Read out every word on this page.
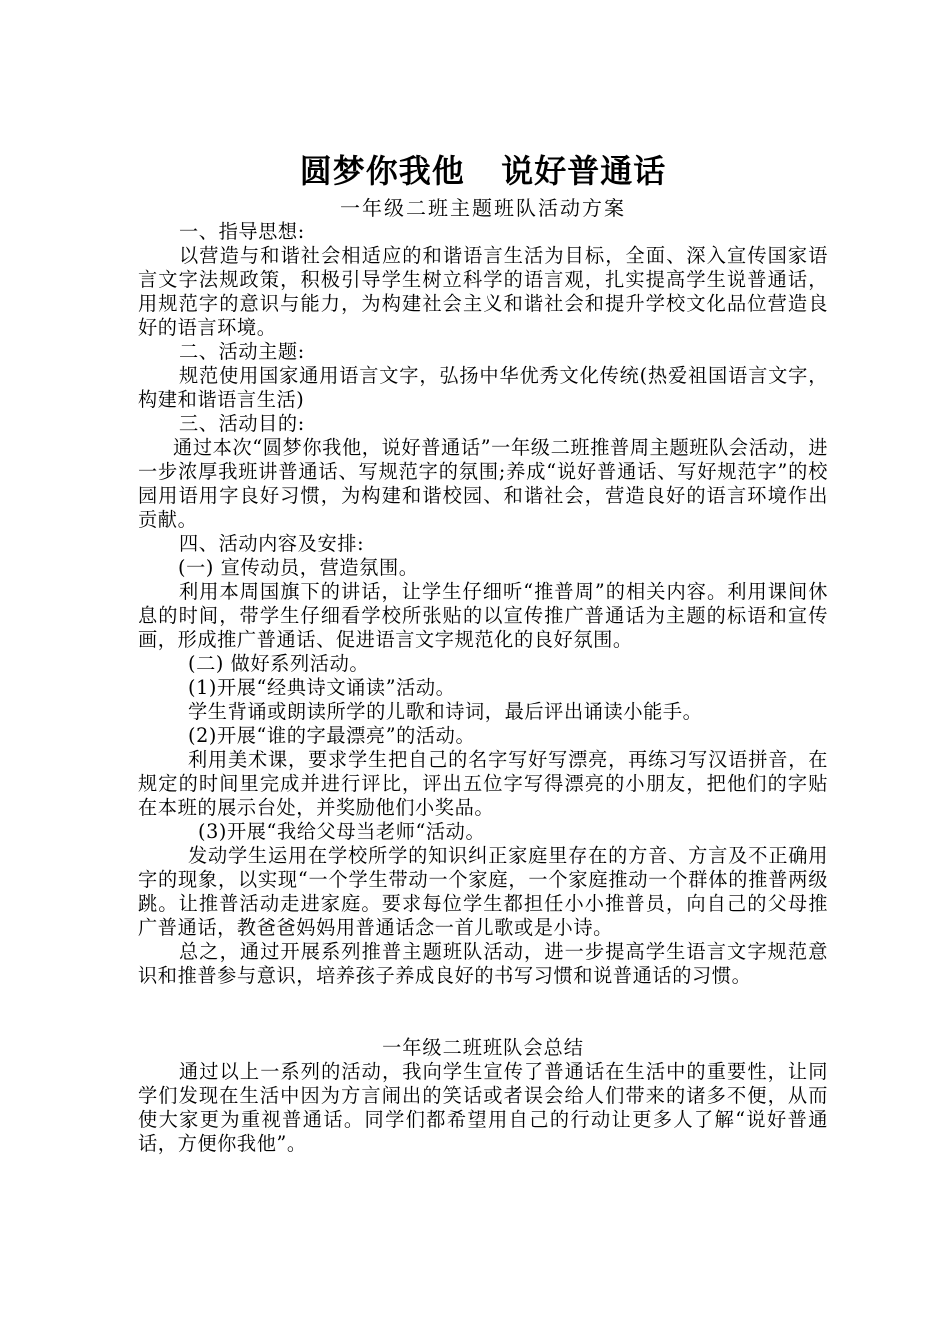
圆梦你我他   说好普通话
一年级二班主题班队活动方案

一、指导思想:

以营造与和谐社会相适应的和谐语言生活为目标，全面、深入宣传国家语言文字法规政策，积极引导学生树立科学的语言观，扎实提高学生说普通话，用规范字的意识与能力，为构建社会主义和谐社会和提升学校文化品位营造良好的语言环境。

二、活动主题:

规范使用国家通用语言文字，弘扬中华优秀文化传统(热爱祖国语言文字，构建和谐语言生活)

三、活动目的:

通过本次“圆梦你我他，说好普通话”一年级二班推普周主题班队会活动，进一步浓厚我班讲普通话、写规范字的氛围;养成“说好普通话、写好规范字”的校园用语用字良好习惯，为构建和谐校园、和谐社会，营造良好的语言环境作出贡献。

四、活动内容及安排:

(一) 宣传动员，营造氛围。

利用本周国旗下的讲话，让学生仔细听“推普周”的相关内容。利用课间休息的时间，带学生仔细看学校所张贴的以宣传推广普通话为主题的标语和宣传画，形成推广普通话、促进语言文字规范化的良好氛围。

(二) 做好系列活动。

(1)开展“经典诗文诵读”活动。

学生背诵或朗读所学的儿歌和诗词，最后评出诵读小能手。

(2)开展“谁的字最漂亮”的活动。

利用美术课，要求学生把自己的名字写好写漂亮，再练习写汉语拼音，在规定的时间里完成并进行评比，评出五位字写得漂亮的小朋友，把他们的字贴在本班的展示台处，并奖励他们小奖品。

(3)开展“我给父母当老师“活动。

发动学生运用在学校所学的知识纠正家庭里存在的方音、方言及不正确用字的现象，以实现“一个学生带动一个家庭，一个家庭推动一个群体的推普两级跳。让推普活动走进家庭。要求每位学生都担任小小推普员，向自己的父母推广普通话，教爸爸妈妈用普通话念一首儿歌或是小诗。

总之，通过开展系列推普主题班队活动，进一步提高学生语言文字规范意识和推普参与意识，培养孩子养成良好的书写习惯和说普通话的习惯。

一年级二班班队会总结

通过以上一系列的活动，我向学生宣传了普通话在生活中的重要性，让同学们发现在生活中因为方言闹出的笑话或者误会给人们带来的诸多不便，从而使大家更为重视普通话。同学们都希望用自己的行动让更多人了解“说好普通话，方便你我他”。
